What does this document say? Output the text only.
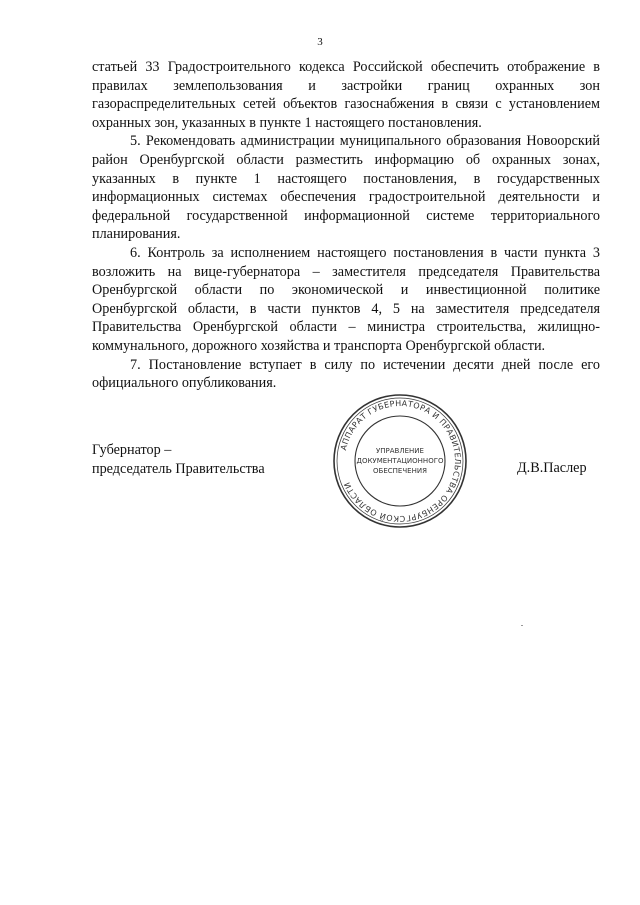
3

статьей 33 Градостроительного кодекса Российской обеспечить отображение в правилах землепользования и застройки границ охранных зон газораспределительных сетей объектов газоснабжения в связи с установлением охранных зон, указанных в пункте 1 настоящего постановления.

5. Рекомендовать администрации муниципального образования Новоорский район Оренбургской области разместить информацию об охранных зонах, указанных в пункте 1 настоящего постановления, в государственных информационных системах обеспечения градостроительной деятельности и федеральной государственной информационной системе территориального планирования.

6. Контроль за исполнением настоящего постановления в части пункта 3 возложить на вице-губернатора – заместителя председателя Правительства Оренбургской области по экономической и инвестиционной политике Оренбургской области, в части пунктов 4, 5 на заместителя председателя Правительства Оренбургской области – министра строительства, жилищно-коммунального, дорожного хозяйства и транспорта Оренбургской области.

7. Постановление вступает в силу по истечении десяти дней после его официального опубликования.

Губернатор –
председатель Правительства
АППАРАТ ГУБЕРНАТОРА И ПРАВИТЕЛЬСТВА ОРЕНБУРГСКОЙ ОБЛАСТИ
УПРАВЛЕНИЕ
ДОКУМЕНТАЦИОННОГО
ОБЕСПЕЧЕНИЯ	Д.В.Паслер
